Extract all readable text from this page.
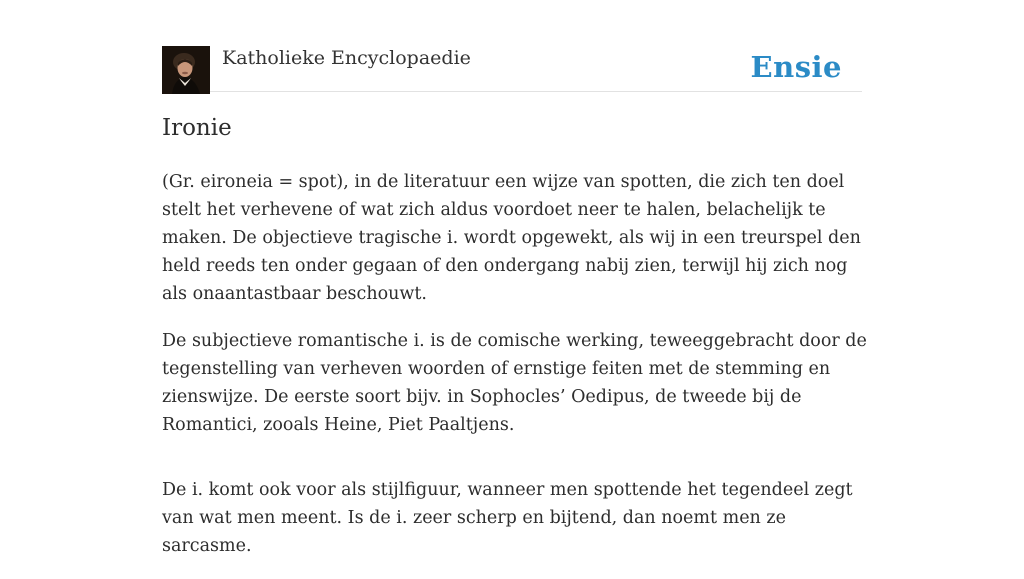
Katholieke Encyclopaedie	Ensie
Ironie

(Gr. eironeia = spot), in de literatuur een wijze van spotten, die zich ten doel stelt het verhevene of wat zich aldus voordoet neer te halen, belachelijk te maken. De objectieve tragische i. wordt opgewekt, als wij in een treurspel den held reeds ten onder gegaan of den ondergang nabij zien, terwijl hij zich nog als onaantastbaar beschouwt.

De subjectieve romantische i. is de comische werking, teweeggebracht door de tegenstelling van verheven woorden of ernstige feiten met de stemming en zienswijze. De eerste soort bijv. in Sophocles’ Oedipus, de tweede bij de Romantici, zooals Heine, Piet Paaltjens.

De i. komt ook voor als stijlfiguur, wanneer men spottende het tegendeel zegt van wat men meent. Is de i. zeer scherp en bijtend, dan noemt men ze sarcasme.
